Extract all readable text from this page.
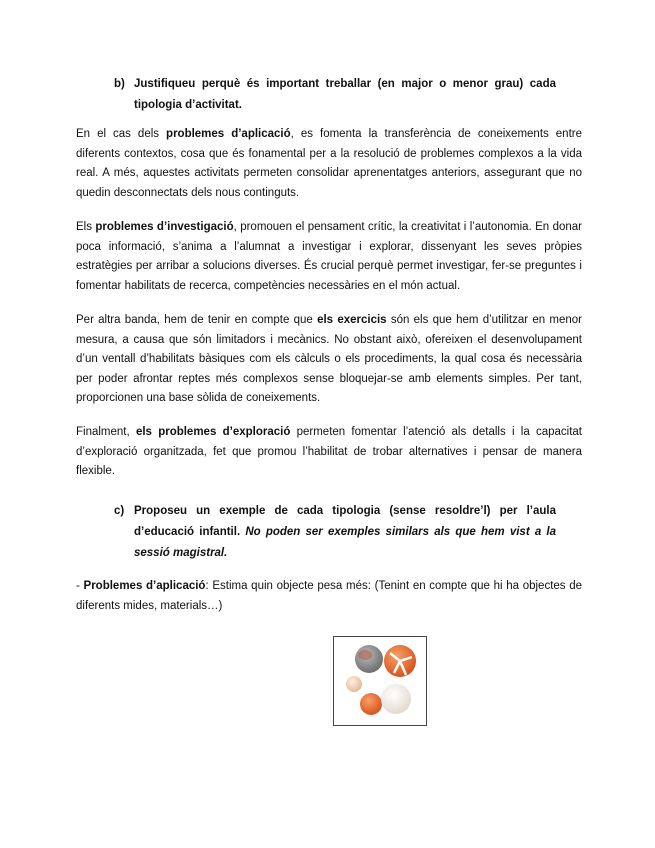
b) Justifiqueu perquè és important treballar (en major o menor grau) cada tipologia d’activitat.
En el cas dels problemes d’aplicació, es fomenta la transferència de coneixements entre diferents contextos, cosa que és fonamental per a la resolució de problemes complexos a la vida real. A més, aquestes activitats permeten consolidar aprenentatges anteriors, assegurant que no quedin desconnectats dels nous continguts.
Els problemes d’investigació, promouen el pensament crític, la creativitat i l’autonomia. En donar poca informació, s’anima a l’alumnat a investigar i explorar, dissenyant les seves pròpies estratègies per arribar a solucions diverses. És crucial perquè permet investigar, fer-se preguntes i fomentar habilitats de recerca, competències necessàries en el món actual.
Per altra banda, hem de tenir en compte que els exercicis són els que hem d’utilitzar en menor mesura, a causa que són limitadors i mecànics. No obstant això, ofereixen el desenvolupament d’un ventall d’habilitats bàsiques com els càlculs o els procediments, la qual cosa és necessària per poder afrontar reptes més complexos sense bloquejar-se amb elements simples. Per tant, proporcionen una base sòlida de coneixements.
Finalment, els problemes d’exploració permeten fomentar l’atenció als detalls i la capacitat d’exploració organitzada, fet que promou l’habilitat de trobar alternatives i pensar de manera flexible.
c) Proposeu un exemple de cada tipologia (sense resoldre’l) per l’aula d’educació infantil. No poden ser exemples similars als que hem vist a la sessió magistral.
- Problemes d’aplicació: Estima quin objecte pesa més: (Tenint en compte que hi ha objectes de diferents mides, materials…)
